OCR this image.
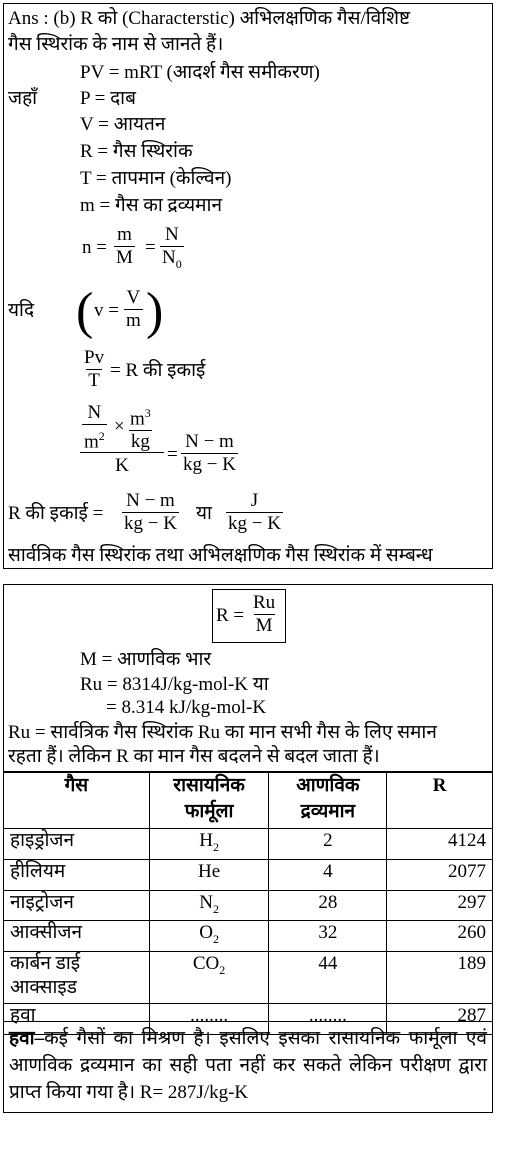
Ans : (b) R को (Characterstic) अभिलक्षणिक गैस/विशिष्ट
गैस स्थिरांक के नाम से जानते हैं।
PV = mRT (आदर्श गैस समीकरण)
जहाँ P = दाब
V = आयतन
R = गैस स्थिरांक
T = तापमान (केल्विन)
m = गैस का द्रव्यमान
$n = \frac{m}{M} = \frac{N}{N_0}$
यदि ( $v = \frac{V}{m}$ )
$\frac{Pv}{T} = R$ की इकाई
$\frac{N}{m^2} \times \frac{m^3}{kg}$
K
= $\frac{N - m}{kg - K}$
R की इकाई = $\frac{N - m}{kg - K}$ या $\frac{J}{kg - K}$
सार्वत्रिक गैस स्थिरांक तथा अभिलक्षणिक गैस स्थिरांक में सम्बन्ध
$R = \frac{Ru}{M}$
M = आणविक भार
Ru = 8314J/kg-mol-K या
= 8.314 kJ/kg-mol-K
Ru = सार्वत्रिक गैस स्थिरांक Ru का मान सभी गैस के लिए समान
रहता हैं। लेकिन R का मान गैस बदलने से बदल जाता हैं।
गैस	रासायनिक फार्मूला	आणविक द्रव्यमान	R
हाइड्रोजन	$H_2$	2	4124
हीलियम	He	4	2077
नाइट्रोजन	$N_2$	28	297
आक्सीजन	$O_2$	32	260
कार्बन डाई आक्साइड	$CO_2$	44	189
हवा	........	........	287
हवा–कई गैसों का मिश्रण है। इसलिए इसका रासायनिक फार्मूला एवं आणविक द्रव्यमान का सही पता नहीं कर सकते लेकिन परीक्षण द्वारा प्राप्त किया गया है। R= 287J/kg-K
